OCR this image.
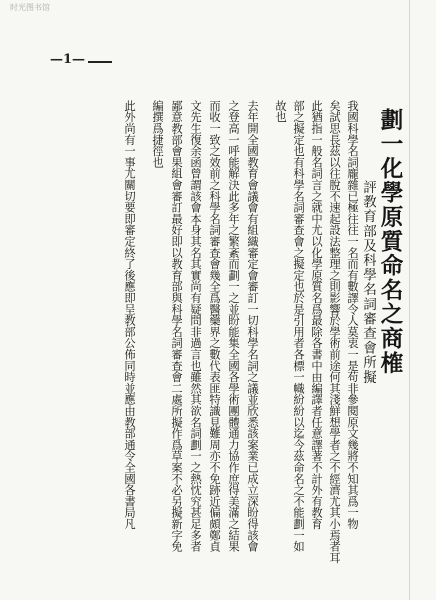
时光图书馆
—1—
劃一化學原質命名之商榷
評教育部及科學名詞審查會所擬
我國科學名詞龐雜已極往往一名而有數譯令人莫衷一是苟非參閱原文幾將不知其爲一物
矣試思長茲以往脫不速起設法整理之則影響於學術前途何其淺鮮想學者之不經濟尤其小焉者耳
此猶指一般名詞言之就中尤以化學原質名爲最除各書中由編譯者任意譯著不計外有教育
部之擬定也有科學名詞審查會之擬定也於是引用者各標一幟紛紛以迄今茲命名之不能劃一如
故也
去年開全國教育會議會有組織審定會審訂一切科學名詞之議並欣悉該案業已成立深盼得該會
之登高一呼能解決此多年之繁紊而劃一之並盼能集全國各學術團體通力協作庶得美滿之結果
而收一致之效前之科學名詞審查會幾全爲醫藥界之數代表匪特識見難周亦不免跡近偏頗鄭貞
文先生復余函曾謂該會本身其名其實尚有疑問非過言也雖然其欲名詞劃一之熱忱究甚足多者
鄙意教部會果組會審訂最好即以教育部與科學名詞審查會二處所擬作爲草案不必另擬新字免
編撰爲捷徑也
此外尚有一事尤關切要即審定終了後應即呈教部公佈同時並應由教部通令全國各書局凡
